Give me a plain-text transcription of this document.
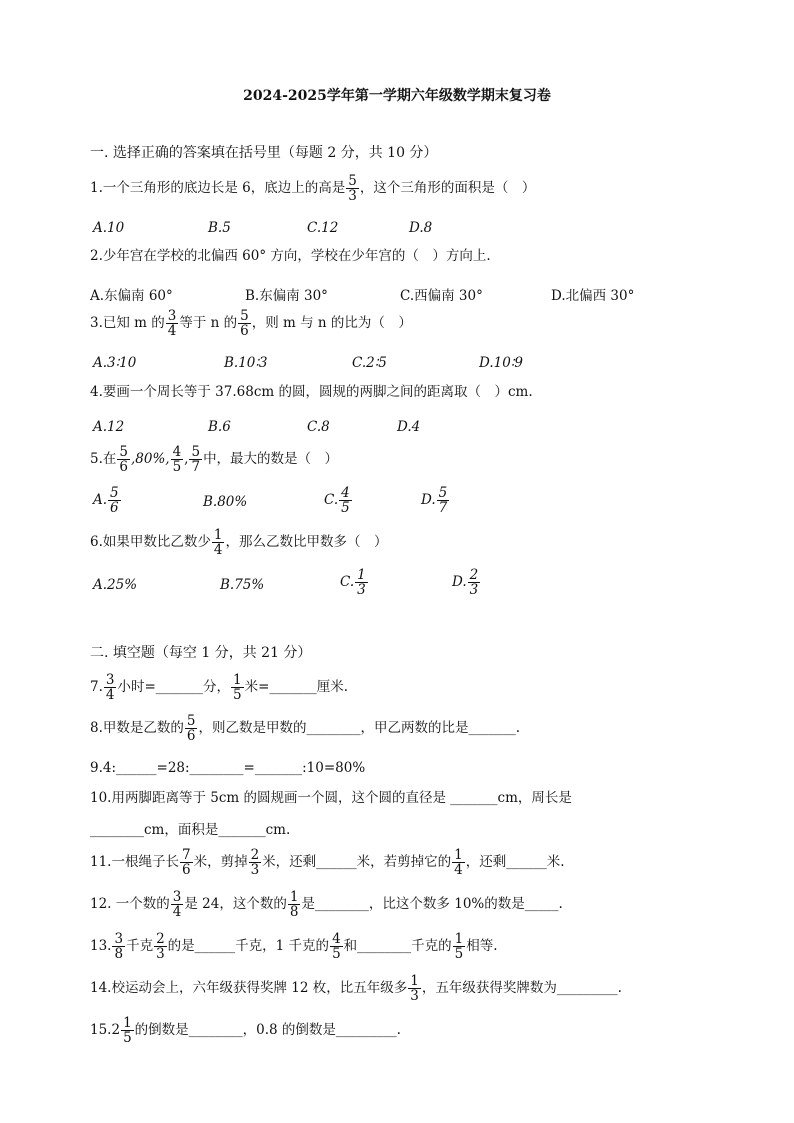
2024-2025学年第一学期六年级数学期末复习卷
一. 选择正确的答案填在括号里（每题 2 分，共 10 分）
1.一个三角形的底边长是 6，底边上的高是 $\frac{5}{3}$ ，这个三角形的面积是（　）
A.10	B.5	C.12	D.8
2.少年宫在学校的北偏西 60° 方向，学校在少年宫的（　）方向上.
A.东偏南 60°	B.东偏南 30°	C.西偏南 30°	D.北偏西 30°
3.已知 m 的 $\frac{3}{4}$ 等于 n 的 $\frac{5}{6}$ ，则 m 与 n 的比为（　）
A.3∶10	B.10∶3	C.2∶5	D.10∶9
4.要画一个周长等于 37.68cm 的圆，圆规的两脚之间的距离取（　）cm.
A.12	B.6	C.8	D.4
5.在 $\frac{5}{6} ,80\%$, $\frac{4}{5}$ , $\frac{5}{7}$ 中，最大的数是（　）
A. $\frac{5}{6}$	B.80%	C. $\frac{4}{5}$	D. $\frac{5}{7}$
6.如果甲数比乙数少 $\frac{1}{4}$ ，那么乙数比甲数多（　）
A.25%	B.75%	C. $\frac{1}{3}$	D. $\frac{2}{3}$
二. 填空题（每空 1 分，共 21 分）
7. $\frac{3}{4}$ 小时=_______分， $\frac{1}{5}$ 米=_______厘米.
8.甲数是乙数的 $\frac{5}{6}$ ，则乙数是甲数的________，甲乙两数的比是_______.
9.4:______=28:________=_______:10=80%
10.用两脚距离等于 5cm 的圆规画一个圆，这个圆的直径是 _______cm，周长是
________cm，面积是_______cm.
11.一根绳子长 $\frac{7}{6}$ 米，剪掉 $\frac{2}{3}$ 米，还剩______米，若剪掉它的 $\frac{1}{4}$ ，还剩______米.
12. 一个数的 $\frac{3}{4}$ 是 24，这个数的 $\frac{1}{8}$ 是________，比这个数多 10%的数是_____.
13. $\frac{3}{8}$ 千克 $\frac{2}{3}$ 的是______千克，1 千克的 $\frac{4}{5}$ 和________千克的 $\frac{1}{5}$ 相等.
14.校运动会上，六年级获得奖牌 12 枚，比五年级多 $\frac{1}{3}$ ，五年级获得奖牌数为_________.
$15.2 \frac{1}{5}$ 的倒数是________，0.8 的倒数是_________.
